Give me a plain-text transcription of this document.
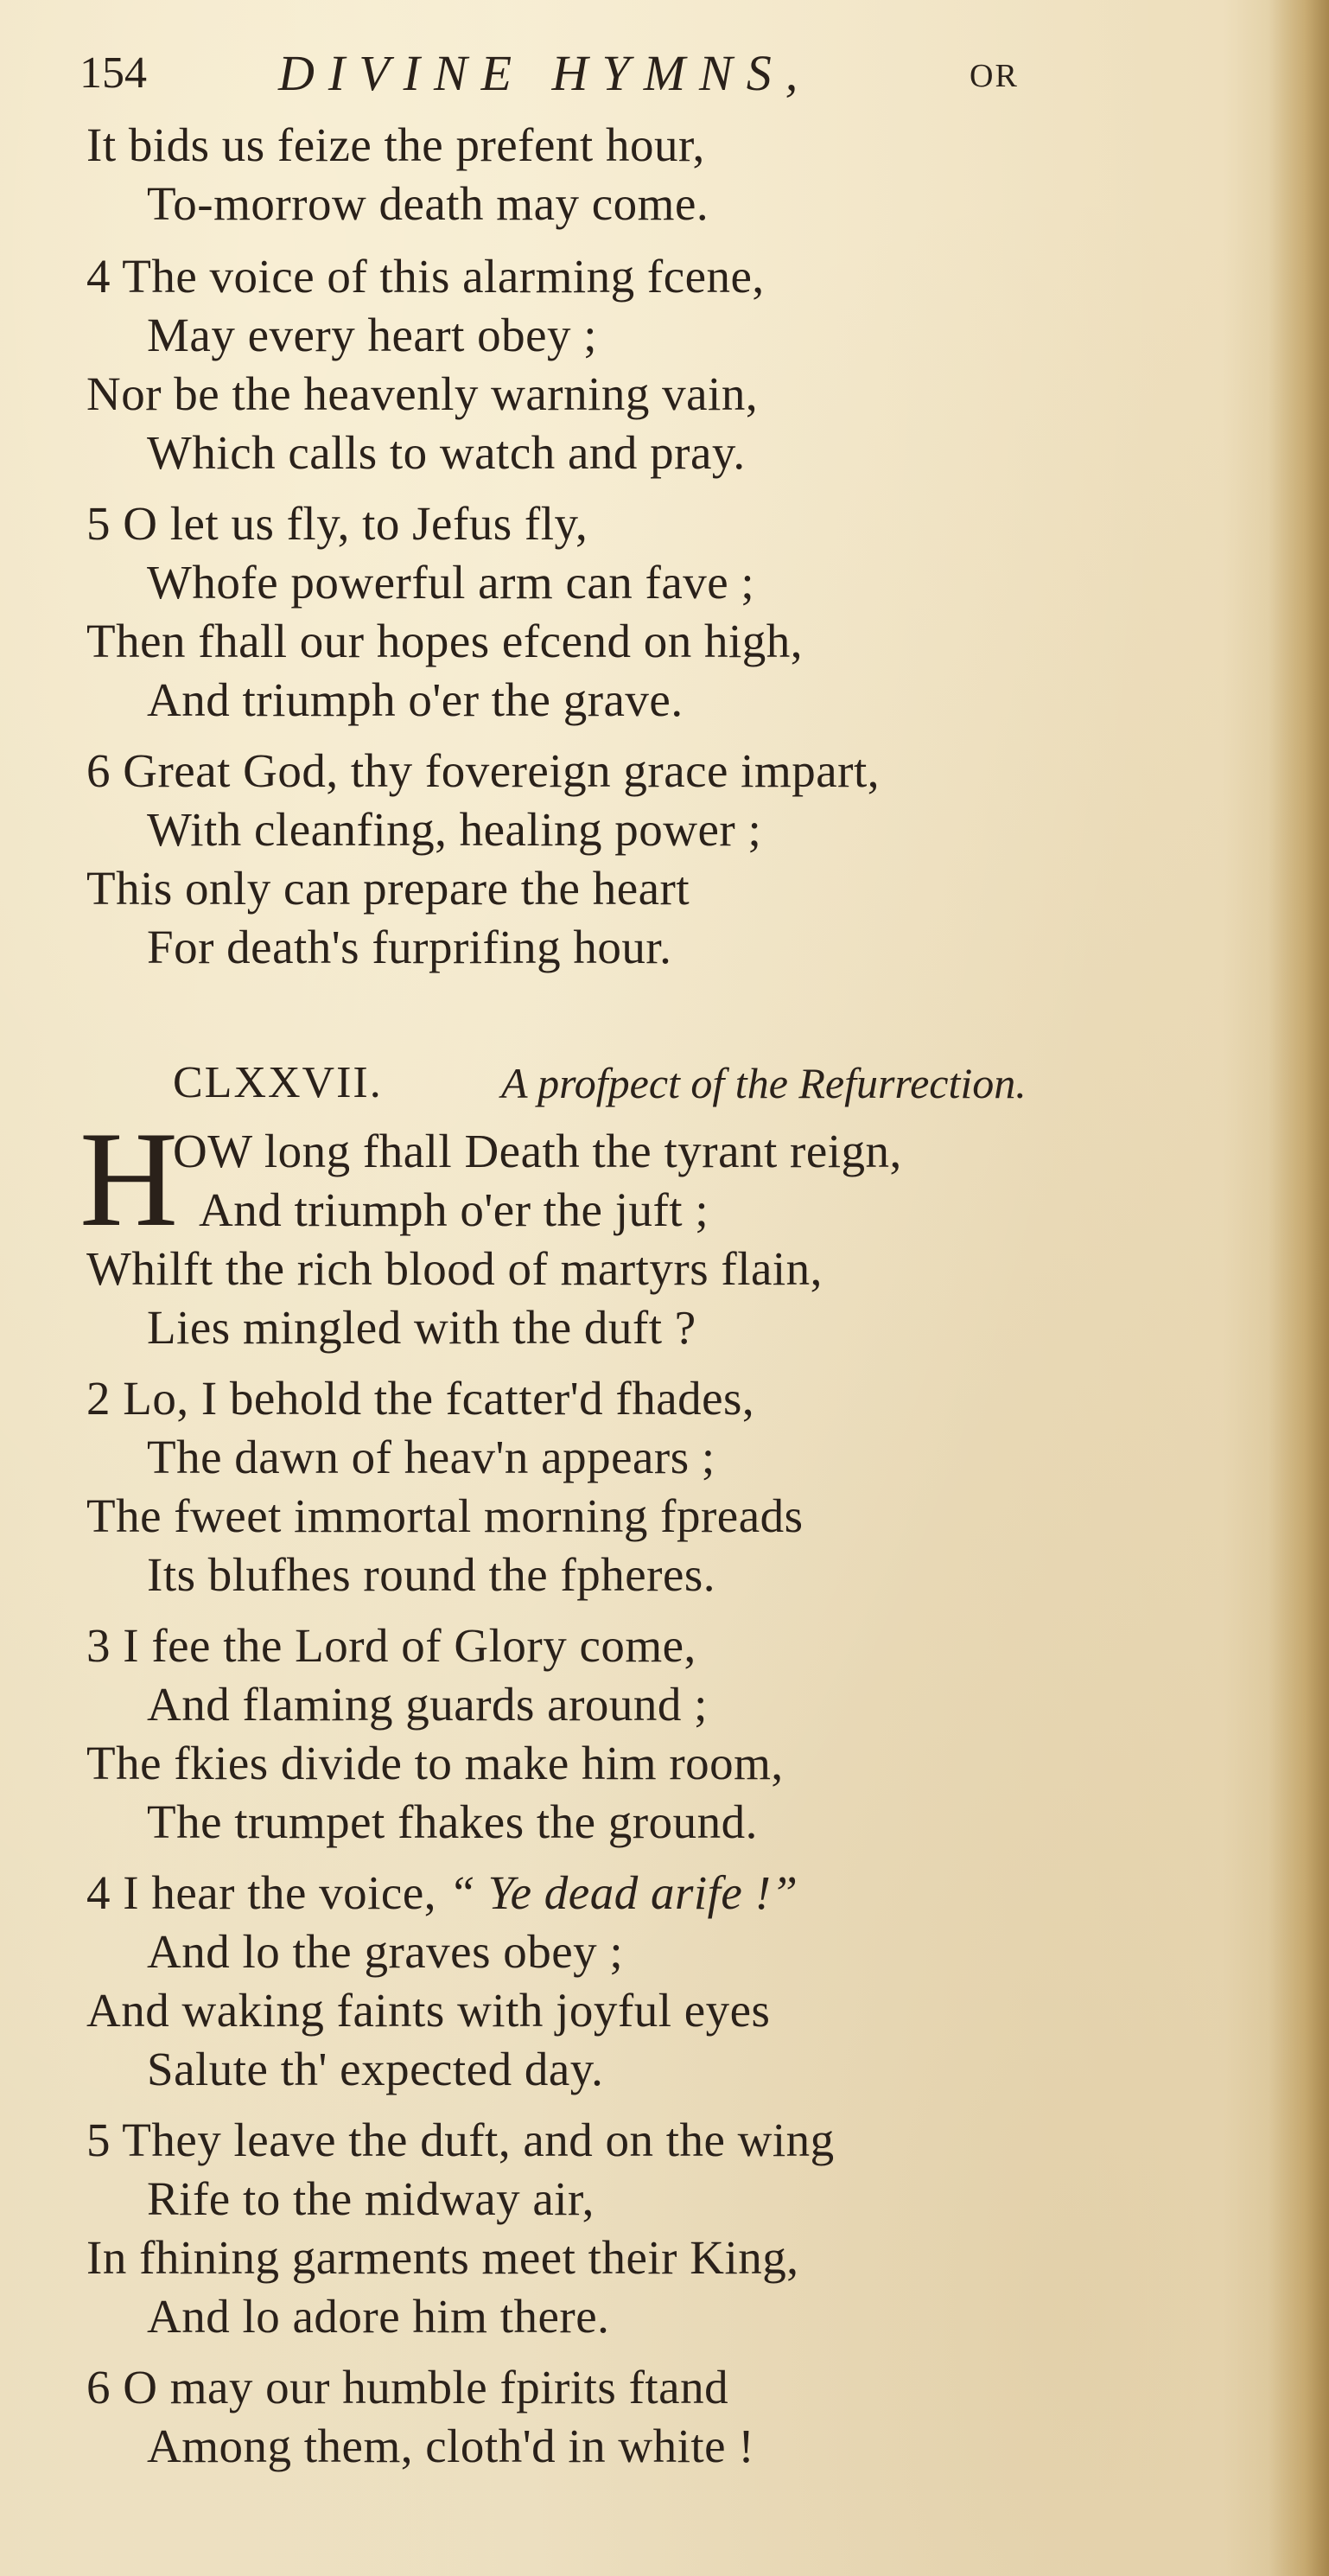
154	DIVINE HYMNS,	OR
It bids us feize the prefent hour,
To-morrow death may come.
4 The voice of this alarming fcene,
May every heart obey ;
Nor be the heavenly warning vain,
Which calls to watch and pray.
5 O let us fly, to Jefus fly,
Whofe powerful arm can fave ;
Then fhall our hopes efcend on high,
And triumph o'er the grave.
6 Great God, thy fovereign grace impart,
With cleanfing, healing power ;
This only can prepare the heart
For death's furprifing hour.
CLXXVII.	A profpect of the Refurrection.
H
OW long fhall Death the tyrant reign,
And triumph o'er the juft ;
Whilft the rich blood of martyrs flain,
Lies mingled with the duft ?
2 Lo, I behold the fcatter'd fhades,
The dawn of heav'n appears ;
The fweet immortal morning fpreads
Its blufhes round the fpheres.
3 I fee the Lord of Glory come,
And flaming guards around ;
The fkies divide to make him room,
The trumpet fhakes the ground.
4 I hear the voice, “ Ye dead arife !”
And lo the graves obey ;
And waking faints with joyful eyes
Salute th' expected day.
5 They leave the duft, and on the wing
Rife to the midway air,
In fhining garments meet their King,
And lo adore him there.
6 O may our humble fpirits ftand
Among them, cloth'd in white !
